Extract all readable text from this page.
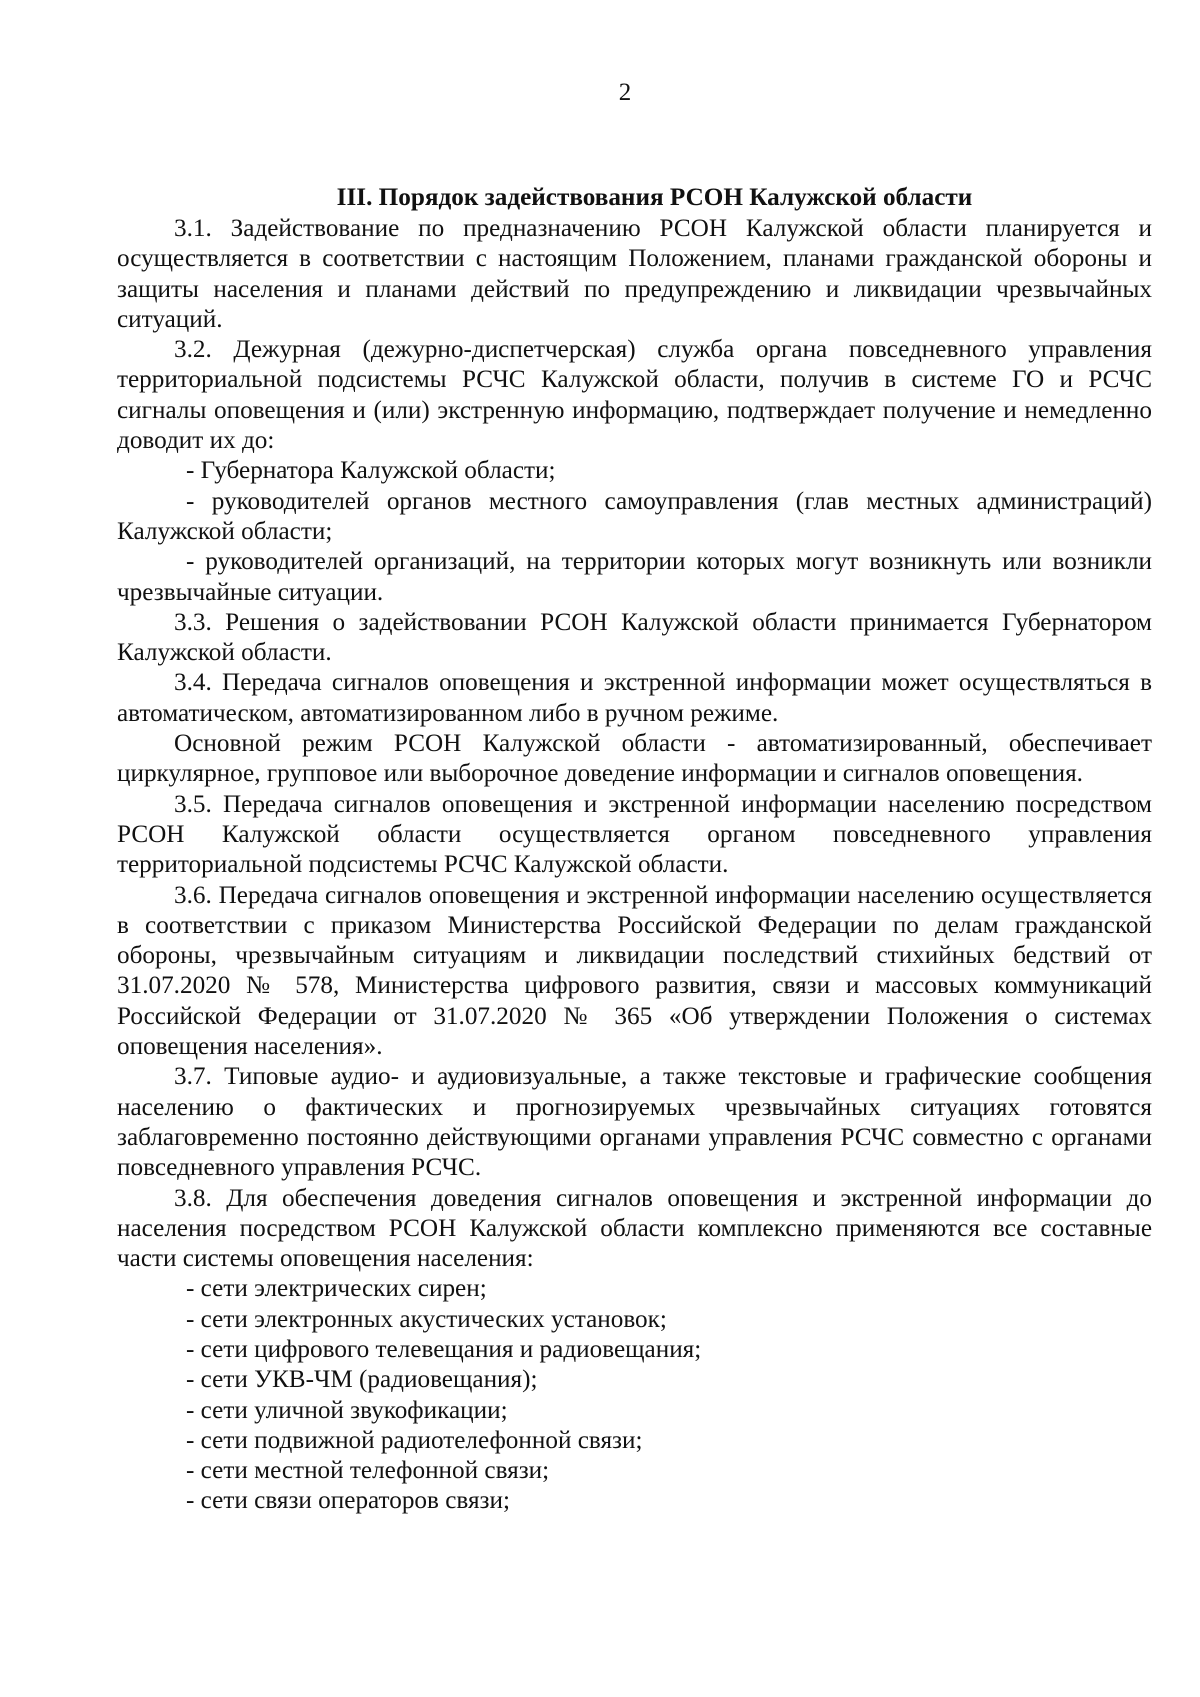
2

III. Порядок задействования РСОН Калужской области

3.1. Задействование по предназначению РСОН Калужской области планируется и осуществляется в соответствии с настоящим Положением, планами гражданской обороны и защиты населения и планами действий по предупреждению и ликвидации чрезвычайных ситуаций.

3.2. Дежурная (дежурно-диспетчерская) служба органа повседневного управления территориальной подсистемы РСЧС Калужской области, получив в системе ГО и РСЧС сигналы оповещения и (или) экстренную информацию, подтверждает получение и немедленно доводит их до:

- Губернатора Калужской области;

- руководителей органов местного самоуправления (глав местных администраций) Калужской области;

- руководителей организаций, на территории которых могут возникнуть или возникли чрезвычайные ситуации.

3.3. Решения о задействовании РСОН Калужской области принимается Губернатором Калужской области.

3.4. Передача сигналов оповещения и экстренной информации может осуществляться в автоматическом, автоматизированном либо в ручном режиме.

Основной режим РСОН Калужской области - автоматизированный, обеспечивает циркулярное, групповое или выборочное доведение информации и сигналов оповещения.

3.5. Передача сигналов оповещения и экстренной информации населению посредством РСОН Калужской области осуществляется органом повседневного управления территориальной подсистемы РСЧС Калужской области.

3.6. Передача сигналов оповещения и экстренной информации населению осуществляется в соответствии с приказом Министерства Российской Федерации по делам гражданской обороны, чрезвычайным ситуациям и ликвидации последствий стихийных бедствий от 31.07.2020 № 578, Министерства цифрового развития, связи и массовых коммуникаций Российской Федерации от 31.07.2020 № 365 «Об утверждении Положения о системах оповещения населения».

3.7. Типовые аудио- и аудиовизуальные, а также текстовые и графические сообщения населению о фактических и прогнозируемых чрезвычайных ситуациях готовятся заблаговременно постоянно действующими органами управления РСЧС совместно с органами повседневного управления РСЧС.

3.8. Для обеспечения доведения сигналов оповещения и экстренной информации до населения посредством РСОН Калужской области комплексно применяются все составные части системы оповещения населения:

- сети электрических сирен;

- сети электронных акустических установок;

- сети цифрового телевещания и радиовещания;

- сети УКВ-ЧМ (радиовещания);

- сети уличной звукофикации;

- сети подвижной радиотелефонной связи;

- сети местной телефонной связи;

- сети связи операторов связи;
